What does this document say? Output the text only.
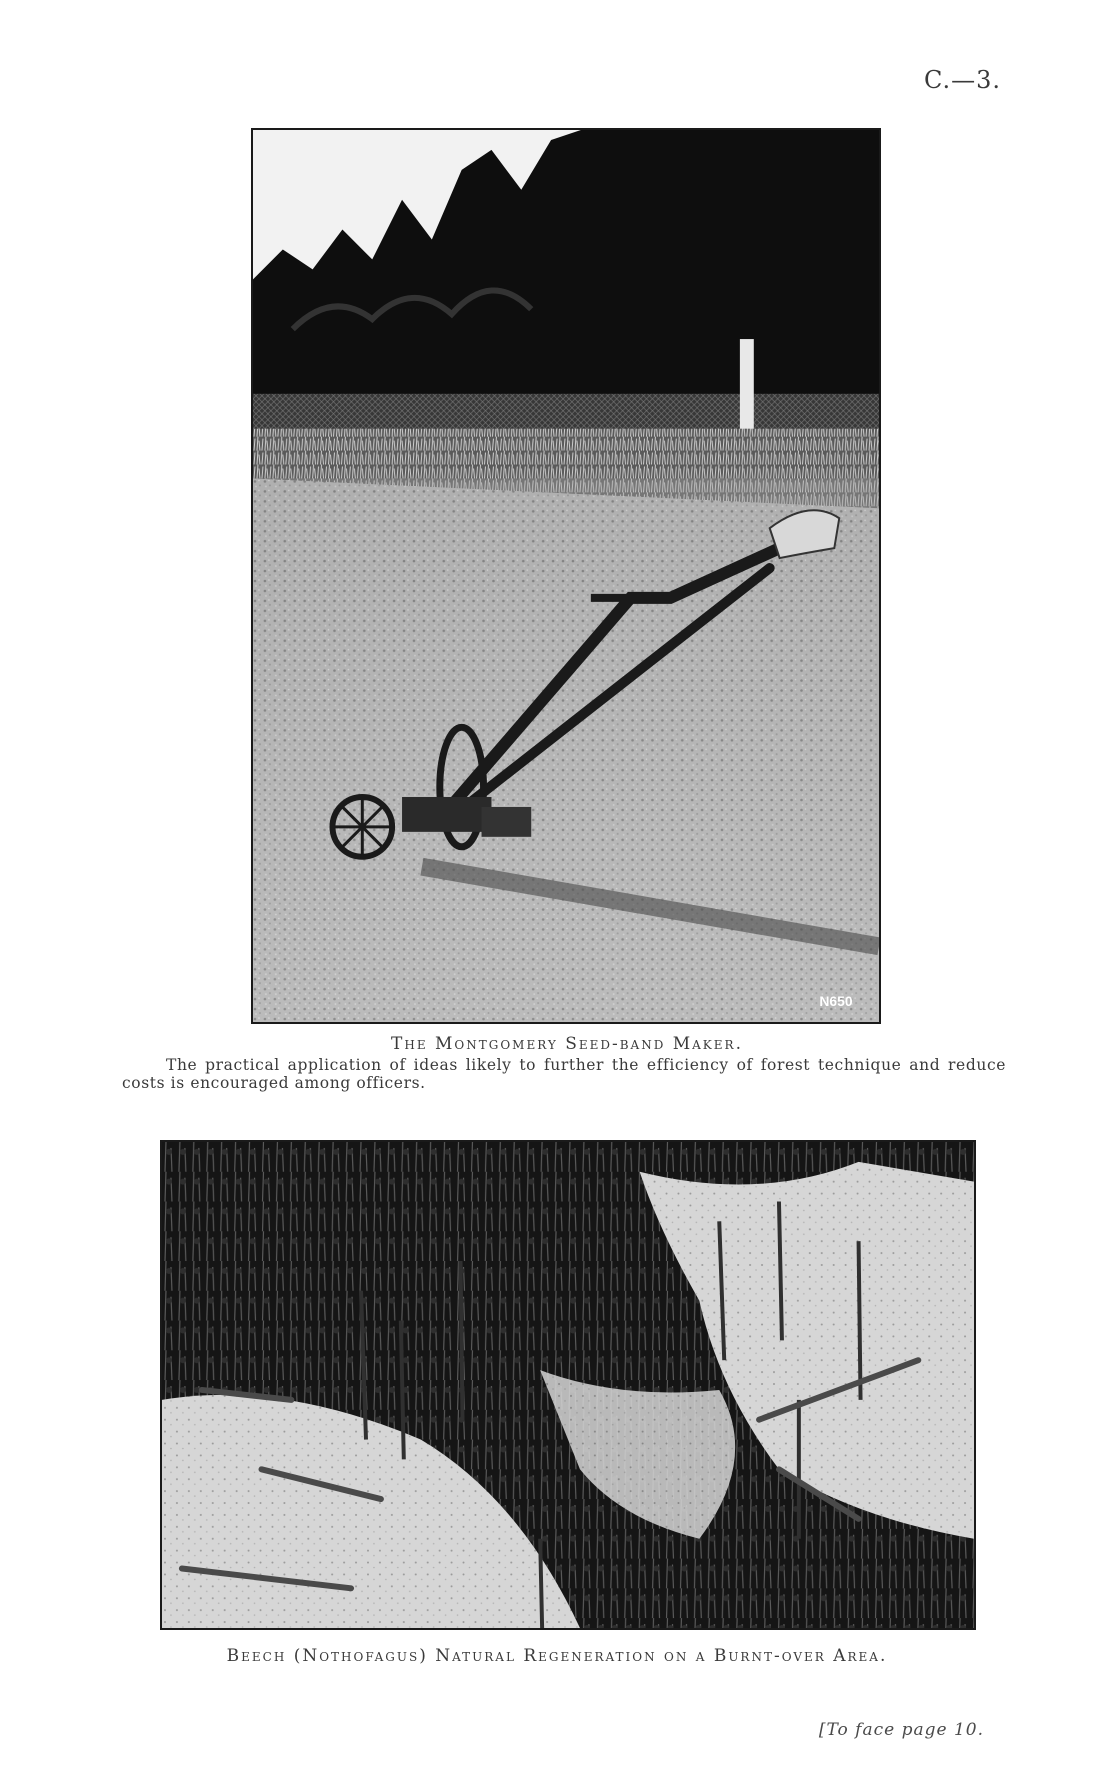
C.—3.
N650
The Montgomery Seed-band Maker.
The practical application of ideas likely to further the efficiency of forest technique and reduce costs is encouraged among officers.
Beech (Nothofagus) Natural Regeneration on a Burnt-over Area.
[To face page 10.
